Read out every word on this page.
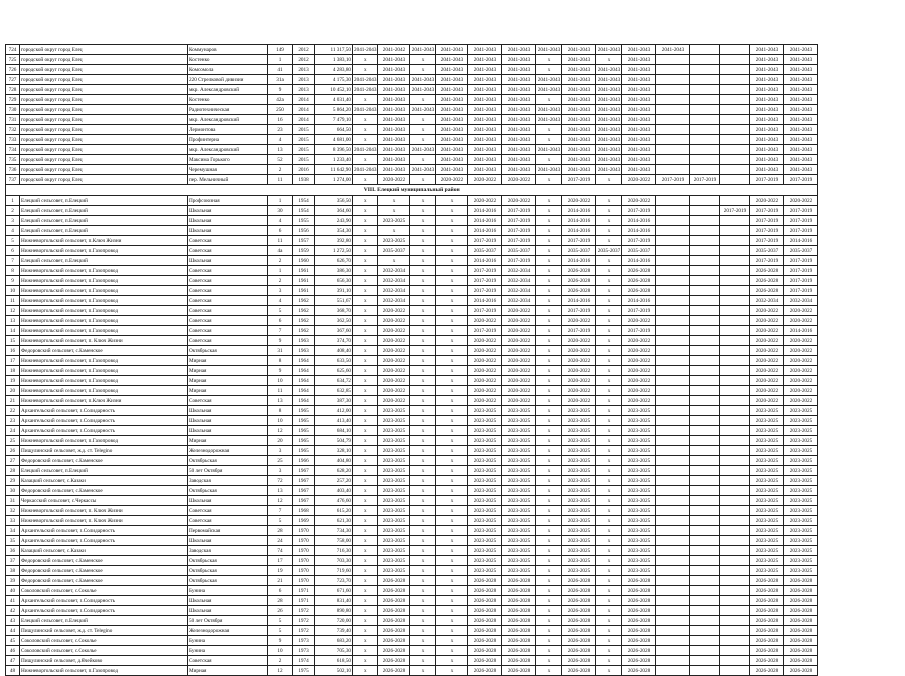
724	городской округ город Елец	Коммунаров	149	2012	11 317,50	2041-2043	2041-2042	2041-2043	2041-2043	2041-2043	2041-2043	2041-2043	2041-2043	2041-2043	2041-2043	2041-2043			2041-2043	2041-2043
725	городской округ город Елец	Костенко	1	2012	1 383,10	x	2041-2043	x	2041-2043	2041-2043	2041-2043	x	2041-2043	x	2041-2043				2041-2043	2041-2043
726	городской округ город Елец	Комсомола	41	2013	4 283,80	x	2041-2043	x	2041-2043	2041-2043	2041-2043	x	2041-2043	2041-2043	2041-2043				2041-2043	2041-2043
727	городской округ город Елец	220 Стрелковой дивизии	31a	2013	4 175,30	2041-2043	2041-2043	2041-2043	2041-2043	2041-2043	2041-2043	2041-2043	2041-2043	2041-2043	2041-2043				2041-2043	2041-2043
728	городской округ город Елец	мкр. Александровский	9	2013	10 452,10	2041-2043	2041-2043	2041-2043	2041-2043	2041-2043	2041-2043	2041-2043	2041-2043	2041-2043	2041-2043				2041-2043	2041-2043
729	городской округ город Елец	Костенко	42a	2014	4 031,40	x	2041-2043	x	2041-2043	2041-2043	2041-2043	x	2041-2043	2041-2043	2041-2043				2041-2043	2041-2043
730	городской округ город Елец	Радиотехническая	250	2014	5 864,20	2041-2043	2041-2043	2041-2043	2041-2043	2041-2043	2041-2043	2041-2043	2041-2043	2041-2043	2041-2043				2041-2043	2041-2043
731	городской округ город Елец	мкр. Александровский	16	2014	7 479,10	x	2041-2043	x	2041-2043	2041-2043	2041-2043	2041-2043	2041-2043	2041-2043	2041-2043				2041-2043	2041-2043
732	городской округ город Елец	Лермонтова	23	2015	664,50	x	2041-2043	x	2041-2043	2041-2043	2041-2043	x	2041-2043	2041-2043	2041-2043				2041-2043	2041-2043
733	городской округ город Елец	Профинтерна	4	2015	4 681,00	x	2041-2043	x	2041-2043	2041-2043	2041-2043	x	2041-2043	2041-2043	2041-2043				2041-2043	2041-2043
734	городской округ город Елец	мкр. Александровский	13	2015	8 396,50	2041-2043	2041-2043	2041-2043	2041-2043	2041-2043	2041-2043	2041-2043	2041-2043	2041-2043	2041-2043				2041-2043	2041-2043
735	городской округ город Елец	Максима Горького	52	2015	1 233,40	x	2041-2043	x	2041-2043	2041-2043	2041-2043	x	2041-2043	2041-2043	2041-2043				2041-2043	2041-2043
736	городской округ город Елец	Черемушная	2	2016	11 642,90	2041-2043	2041-2043	2041-2043	2041-2043	2041-2043	2041-2043	2041-2043	2041-2043	2041-2043	2041-2043				2041-2043	2041-2043
737	городской округ город Елец	пер. Мельничный	11	1938	1 274,00	x	2020-2022	x	2020-2022	2020-2022	2020-2022	x	2017-2019	x	2020-2022	2017-2019	2017-2019		2017-2019	2017-2019
VIII. Елецкий муниципальный район																				
1	Елецкий сельсовет, п.Елецкий	Профсоюзная	1	1954	356,50	x	x	x	x	2020-2022	2020-2022	x	2020-2022	x	2020-2022				2020-2022	2020-2022
2	Елецкий сельсовет, п.Елецкий	Школьная	30	1954	364,60	x	x	x	x	2014-2016	2017-2019	x	2014-2016	x	2017-2019			2017-2019	2017-2019	2017-2019
3	Елецкий сельсовет, п.Елецкий	Школьная	4	1955	243,90	x	2023-2025	x	x	2014-2016	2017-2019	x	2014-2016	x	2014-2016				2017-2019	2017-2019
4	Елецкий сельсовет, п.Елецкий	Школьная	6	1956	354,30	x	x	x	x	2014-2016	2017-2019	x	2014-2016	x	2014-2016				2017-2019	2017-2019
5	Нижневоргольский сельсовет, п.Ключ Жизни	Советская	11	1957	392,80	x	2023-2025	x	x	2017-2019	2017-2019	x	2017-2019	x	2017-2019				2017-2019	2014-2016
6	Нижневоргольский сельсовет, п.Газопровод	Советская	4a	1959	1 272,50	x	2035-2037	x	x	2035-2037	2035-2037	x	2035-2037	2035-2037	2035-2037				2035-2037	2035-2037
7	Елецкий сельсовет, п.Елецкий	Школьная	2	1960	626,70	x	x	x	x	2014-2016	2017-2019	x	2014-2016	x	2014-2016				2017-2019	2017-2019
8	Нижневоргольский сельсовет, п.Газопровод	Советская	1	1961	386,30	x	2032-2034	x	x	2017-2019	2032-2034	x	2026-2028	x	2026-2028				2026-2028	2017-2019
9	Нижневоргольский сельсовет, п.Газопровод	Советская	2	1961	656,30	x	2032-2034	x	x	2017-2019	2032-2034	x	2026-2028	x	2026-2028				2026-2028	2017-2019
10	Нижневоргольский сельсовет, п.Газопровод	Советская	3	1961	391,10	x	2032-2034	x	x	2017-2019	2032-2034	x	2026-2028	x	2026-2028				2026-2028	2017-2019
11	Нижневоргольский сельсовет, п.Газопровод	Советская	4	1962	551,67	x	2032-2034	x	x	2014-2016	2032-2034	x	2014-2016	x	2014-2016				2032-2034	2032-2034
12	Нижневоргольский сельсовет, п.Газопровод	Советская	5	1962	368,70	x	2020-2022	x	x	2017-2019	2020-2022	x	2017-2019	x	2017-2019				2020-2022	2020-2022
13	Нижневоргольский сельсовет, п.Газопровод	Советская	6	1962	362,50	x	2020-2022	x	x	2020-2022	2020-2022	x	2020-2022	x	2020-2022				2020-2022	2020-2022
14	Нижневоргольский сельсовет, п.Газопровод	Советская	7	1962	367,60	x	2020-2022	x	x	2017-2019	2020-2022	x	2017-2019	x	2017-2019				2020-2022	2014-2016
15	Нижневоргольский сельсовет, п. Ключ Жизни	Советская	9	1963	374,70	x	2020-2022	x	x	2020-2022	2020-2022	x	2020-2022	x	2020-2022				2020-2022	2020-2022
16	Федоровский сельсовет, с.Каменское	Октябрьская	31	1963	408,40	x	2020-2022	x	x	2020-2022	2020-2022	x	2020-2022	x	2020-2022				2020-2022	2020-2022
17	Нижневоргольский сельсовет, п.Газопровод	Мирная	8	1964	633,50	x	2020-2022	x	x	2020-2022	2020-2022	x	2020-2022	x	2020-2022				2020-2022	2020-2022
18	Нижневоргольский сельсовет, п.Газопровод	Мирная	9	1964	625,60	x	2020-2022	x	x	2020-2022	2020-2022	x	2020-2022	x	2020-2022				2020-2022	2020-2022
19	Нижневоргольский сельсовет, п.Газопровод	Мирная	10	1964	634,72	x	2020-2022	x	x	2020-2022	2020-2022	x	2020-2022	x	2020-2022				2020-2022	2020-2022
20	Нижневоргольский сельсовет, п.Газопровод	Мирная	11	1964	632,85	x	2020-2022	x	x	2020-2022	2020-2022	x	2020-2022	x	2020-2022				2020-2022	2020-2022
21	Нижневоргольский сельсовет, п.Ключ Жизни	Советская	13	1964	387,30	x	2020-2022	x	x	2020-2022	2020-2022	x	2020-2022	x	2020-2022				2020-2022	2020-2022
22	Архангельский сельсовет, п.Солидарность	Школьная	8	1965	412,00	x	2023-2025	x	x	2023-2025	2023-2025	x	2023-2025	x	2023-2025				2023-2025	2023-2025
23	Архангельский сельсовет, п.Солидарность	Школьная	10	1965	413,40	x	2023-2025	x	x	2023-2025	2023-2025	x	2023-2025	x	2023-2025				2023-2025	2023-2025
24	Архангельский сельсовет, п.Солидарность	Школьная	12	1965	684,10	x	2023-2025	x	x	2023-2025	2023-2025	x	2023-2025	x	2023-2025				2023-2025	2023-2025
25	Нижневоргольский сельсовет, п.Газопровод	Мирная	20	1965	504,79	x	2023-2025	x	x	2023-2025	2023-2025	x	2023-2025	x	2023-2025				2023-2025	2023-2025
26	Пищулинский сельсовет, ж.д. ст. Telegino	Железнодорожная	3	1965	328,10	x	2023-2025	x	x	2023-2025	2023-2025	x	2023-2025	x	2023-2025				2023-2025	2023-2025
27	Федоровский сельсовет, с.Каменское	Октябрьская	25	1966	404,80	x	2023-2025	x	x	2023-2025	2023-2025	x	2023-2025	x	2023-2025				2023-2025	2023-2025
28	Елецкий сельсовет, п.Елецкий	50 лет Октября	3	1967	628,20	x	2023-2025	x	x	2023-2025	2023-2025	x	2023-2025	x	2023-2025				2023-2025	2023-2025
29	Казацкий сельсовет, с.Казаки	Заводская	72	1967	257,20	x	2023-2025	x	x	2023-2025	2023-2025	x	2023-2025	x	2023-2025				2023-2025	2023-2025
30	Федоровский сельсовет, с.Каменское	Октябрьская	13	1967	403,40	x	2023-2025	x	x	2023-2025	2023-2025	x	2023-2025	x	2023-2025				2023-2025	2023-2025
31	Черкасский сельсовет, с.Черкассы	Школьная	12	1967	476,60	x	2023-2025	x	x	2023-2025	2023-2025	x	2023-2025	x	2023-2025				2023-2025	2023-2025
32	Нижневоргольский сельсовет, п. Ключ Жизни	Советская	7	1968	615,20	x	2023-2025	x	x	2023-2025	2023-2025	x	2023-2025	x	2023-2025				2023-2025	2023-2025
33	Нижневоргольский сельсовет, п. Ключ Жизни	Советская	5	1969	621,30	x	2023-2025	x	x	2023-2025	2023-2025	x	2023-2025	x	2023-2025				2023-2025	2023-2025
34	Архангельский сельсовет, п.Солидарность	Первомайская	28	1970	734,30	x	2023-2025	x	x	2023-2025	2023-2025	x	2023-2025	x	2023-2025				2023-2025	2023-2025
35	Архангельский сельсовет, п.Солидарность	Школьная	24	1970	758,00	x	2023-2025	x	x	2023-2025	2023-2025	x	2023-2025	x	2023-2025				2023-2025	2023-2025
36	Казацкий сельсовет, с.Казаки	Заводская	74	1970	716,30	x	2023-2025	x	x	2023-2025	2023-2025	x	2023-2025	x	2023-2025				2023-2025	2023-2025
37	Федоровский сельсовет, с.Каменское	Октябрьская	17	1970	703,30	x	2023-2025	x	x	2023-2025	2023-2025	x	2023-2025	x	2023-2025				2023-2025	2023-2025
38	Федоровский сельсовет, с.Каменское	Октябрьская	19	1970	719,60	x	2023-2025	x	x	2023-2025	2023-2025	x	2023-2025	x	2023-2025				2023-2025	2023-2025
39	Федоровский сельсовет, с.Каменское	Октябрьская	21	1970	723,70	x	2026-2028	x	x	2026-2028	2026-2028	x	2026-2028	x	2026-2028				2026-2028	2026-2028
40	Соколовский сельсовет, с.Соколье	Бунина	6	1971	671,60	x	2026-2028	x	x	2026-2028	2026-2028	x	2026-2028	x	2026-2028				2026-2028	2026-2028
41	Архангельский сельсовет, п.Солидарность	Школьная	28	1971	831,40	x	2026-2028	x	x	2026-2028	2026-2028	x	2026-2028	x	2026-2028				2026-2028	2026-2028
42	Архангельский сельсовет, п.Солидарность	Школьная	26	1972	890,80	x	2026-2028	x	x	2026-2028	2026-2028	x	2026-2028	x	2026-2028				2026-2028	2026-2028
43	Елецкий сельсовет, п.Елецкий	50 лет Октября	5	1972	720,00	x	2026-2028	x	x	2026-2028	2026-2028	x	2026-2028	x	2026-2028				2026-2028	2026-2028
44	Пищулинский сельсовет, ж.д. ст. Telegino	Железнодорожная	5	1972	739,40	x	2026-2028	x	x	2026-2028	2026-2028	x	2026-2028	x	2026-2028				2026-2028	2026-2028
45	Соколовский сельсовет, с.Соколье	Бунина	9	1973	683,20	x	2026-2028	x	x	2026-2028	2026-2028	x	2026-2028	x	2026-2028				2026-2028	2026-2028
46	Соколовский сельсовет, с.Соколье	Бунина	10	1973	705,30	x	2026-2028	x	x	2026-2028	2026-2028	x	2026-2028	x	2026-2028				2026-2028	2026-2028
47	Пищулинский сельсовет, д.Ячейково	Советская	2	1974	618,50	x	2026-2028	x	x	2026-2028	2026-2028	x	2026-2028	x	2026-2028				2026-2028	2026-2028
48	Нижневоргольский сельсовет, п.Газопровод	Мирная	12	1975	502,10	x	2026-2028	x	x	2026-2028	2026-2028	x	2026-2028	x	2026-2028				2026-2028	2026-2028
